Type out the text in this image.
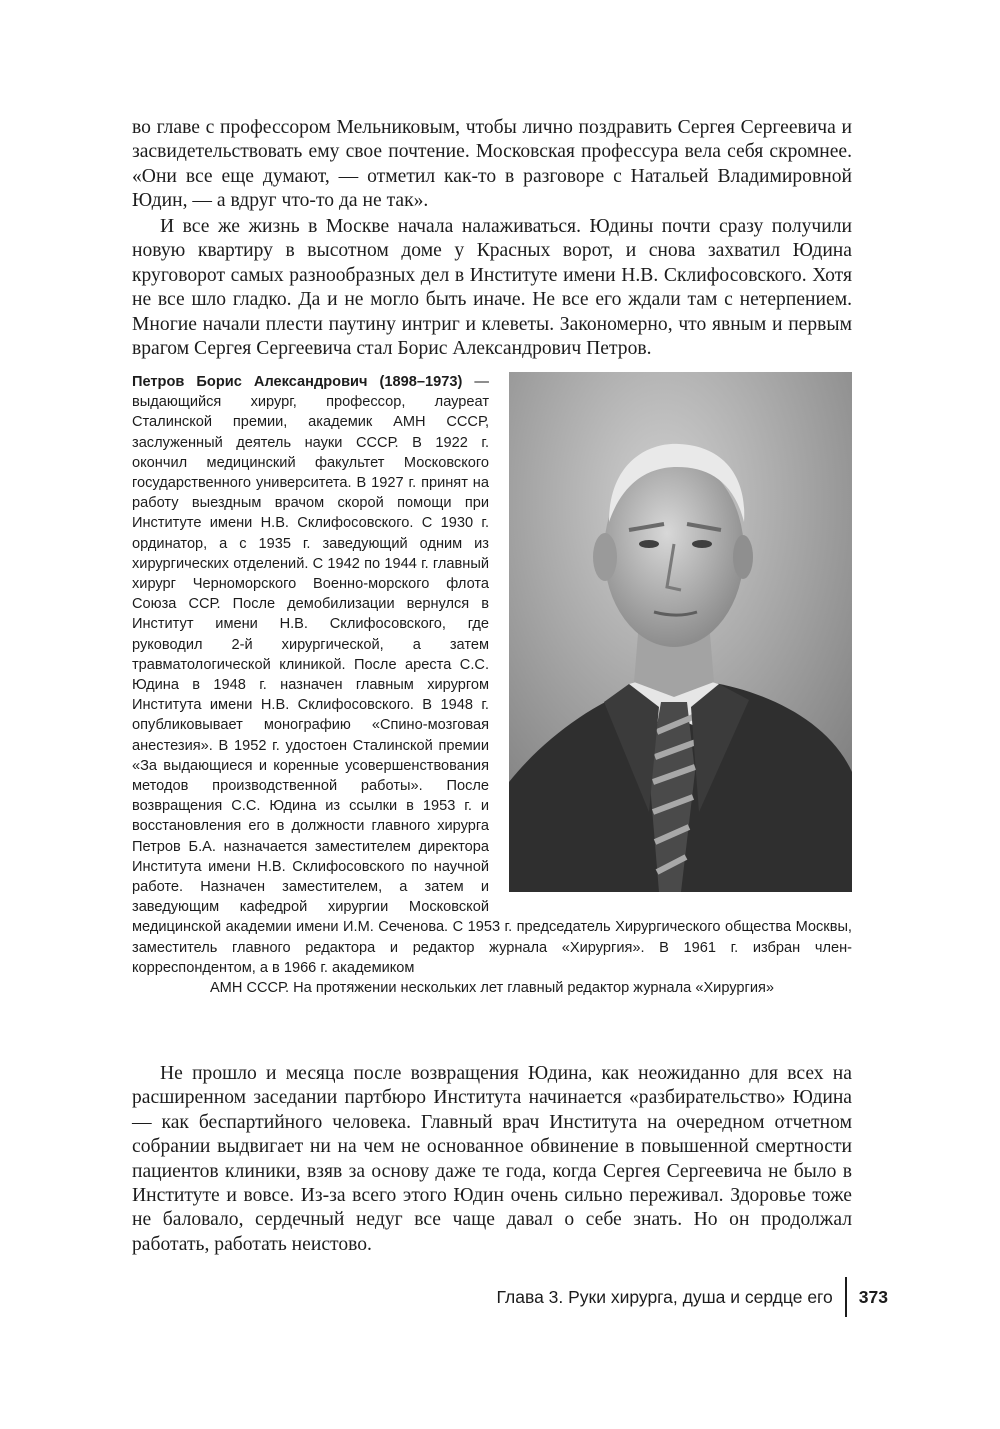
во главе с профессором Мельниковым, чтобы лично поздравить Сергея Сергеевича и засвидетельствовать ему свое почтение. Московская профессура вела себя скромнее. «Они все еще думают, — отметил как-то в разговоре с Натальей Владимировной Юдин, — а вдруг что-то да не так».

И все же жизнь в Москве начала налаживаться. Юдины почти сразу получили новую квартиру в высотном доме у Красных ворот, и снова захватил Юдина круговорот самых разнообразных дел в Институте имени Н.В. Склифосовского. Хотя не все шло гладко. Да и не могло быть иначе. Не все его ждали там с нетерпением. Многие начали плести паутину интриг и клеветы. Закономерно, что явным и первым врагом Сергея Сергеевича стал Борис Александрович Петров.

Петров Борис Александрович (1898–1973) — выдающийся хирург, профессор, лауреат Сталинской премии, академик АМН СССР, заслуженный деятель науки СССР. В 1922 г. окончил медицинский факультет Московского государственного университета. В 1927 г. принят на работу выездным врачом скорой помощи при Институте имени Н.В. Склифосовского. С 1930 г. ординатор, а с 1935 г. заведующий одним из хирургических отделений. С 1942 по 1944 г. главный хирург Черноморского Военно-морского флота Союза ССР. После демобилизации вернулся в Институт имени Н.В. Склифосовского, где руководил 2-й хирургической, а затем травматологической клиникой. После ареста С.С. Юдина в 1948 г. назначен главным хирургом Института имени Н.В. Склифосовского. В 1948 г. опубликовывает монографию «Спино-мозговая анестезия». В 1952 г. удостоен Сталинской премии «За выдающиеся и коренные усовершенствования методов производственной работы». После возвращения С.С. Юдина из ссылки в 1953 г. и восстановления его в должности главного хирурга Петров Б.А. назначается заместителем директора Института имени Н.В. Склифосовского по научной работе. Назначен заместителем, а затем и заведующим кафедрой хирургии Московской медицинской академии имени И.М. Сеченова. С 1953 г. председатель Хирургического общества Москвы, заместитель главного редактора и редактор журнала «Хирургия». В 1961 г. избран член-корреспондентом, а в 1966 г. академиком
АМН СССР. На протяжении нескольких лет главный редактор журнала «Хирургия»

Не прошло и месяца после возвращения Юдина, как неожиданно для всех на расширенном заседании партбюро Института начинается «разбирательство» Юдина — как беспартийного человека. Главный врач Института на очередном отчетном собрании выдвигает ни на чем не основанное обвинение в повышенной смертности пациентов клиники, взяв за основу даже те года, когда Сергея Сергеевича не было в Институте и вовсе. Из-за всего этого Юдин очень сильно переживал. Здоровье тоже не баловало, сердечный недуг все чаще давал о себе знать. Но он продолжал работать, работать неистово.

Глава 3. Руки хирурга, душа и сердце его	373
